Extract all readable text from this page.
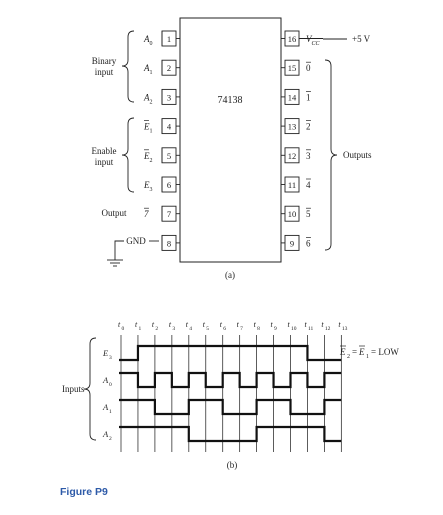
74138
1
A 0
2
A 1
3
A 2
4
E 1
5
E 2
6
E 3
7
7
8
16 V CC
15 0
14 1
13 2
12 3
11 4
10 5
9 6
Binary
input
Enable
input
Output
GND
+5 V
Outputs
(a)
t 0 t 1 t 2 t 3 t 4 t 5 t 6 t 7 t 8 t 9 t 10 t 11 t 12 t 13
E 3
A 0
A 1
A 2
Inputs
E 2 = E 1 = LOW
(b)
Figure P9
